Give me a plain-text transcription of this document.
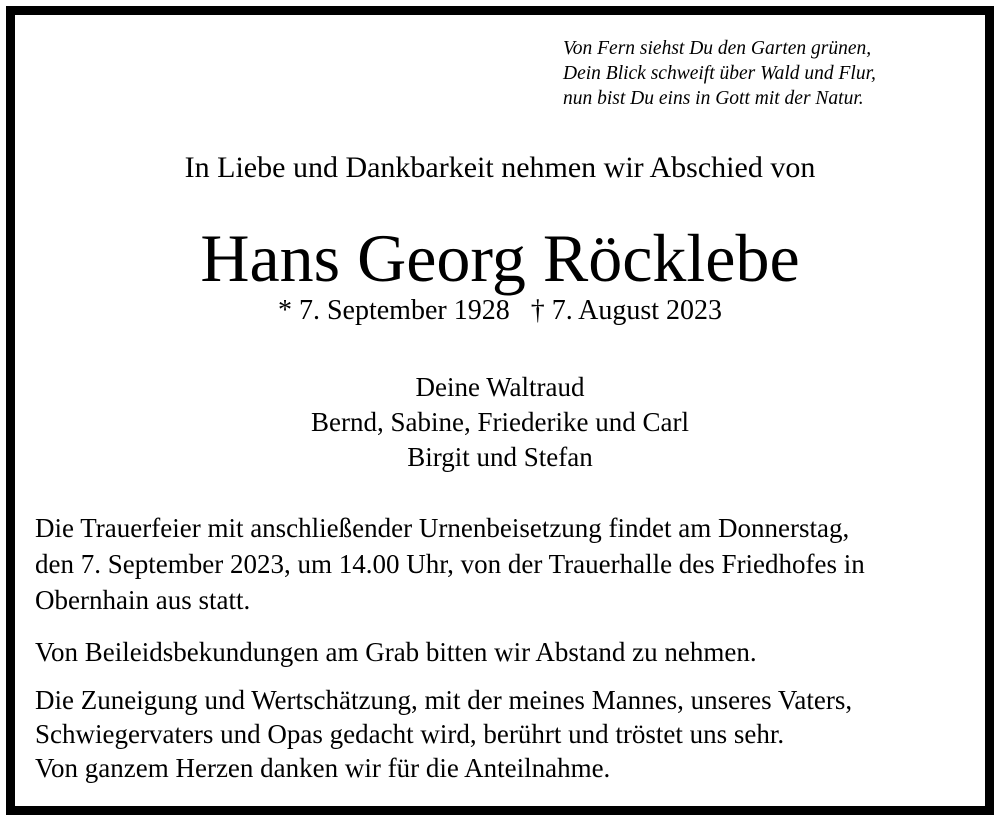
Von Fern siehst Du den Garten grünen,
Dein Blick schweift über Wald und Flur,
nun bist Du eins in Gott mit der Natur.
In Liebe und Dankbarkeit nehmen wir Abschied von
Hans Georg Röcklebe
* 7. September 1928   † 7. August 2023
Deine Waltraud
Bernd, Sabine, Friederike und Carl
Birgit und Stefan
Die Trauerfeier mit anschließender Urnenbeisetzung findet am Donnerstag,
den 7. September 2023, um 14.00 Uhr, von der Trauerhalle des Friedhofes in
Obernhain aus statt.
Von Beileidsbekundungen am Grab bitten wir Abstand zu nehmen.
Die Zuneigung und Wertschätzung, mit der meines Mannes, unseres Vaters,
Schwiegervaters und Opas gedacht wird, berührt und tröstet uns sehr.
Von ganzem Herzen danken wir für die Anteilnahme.
